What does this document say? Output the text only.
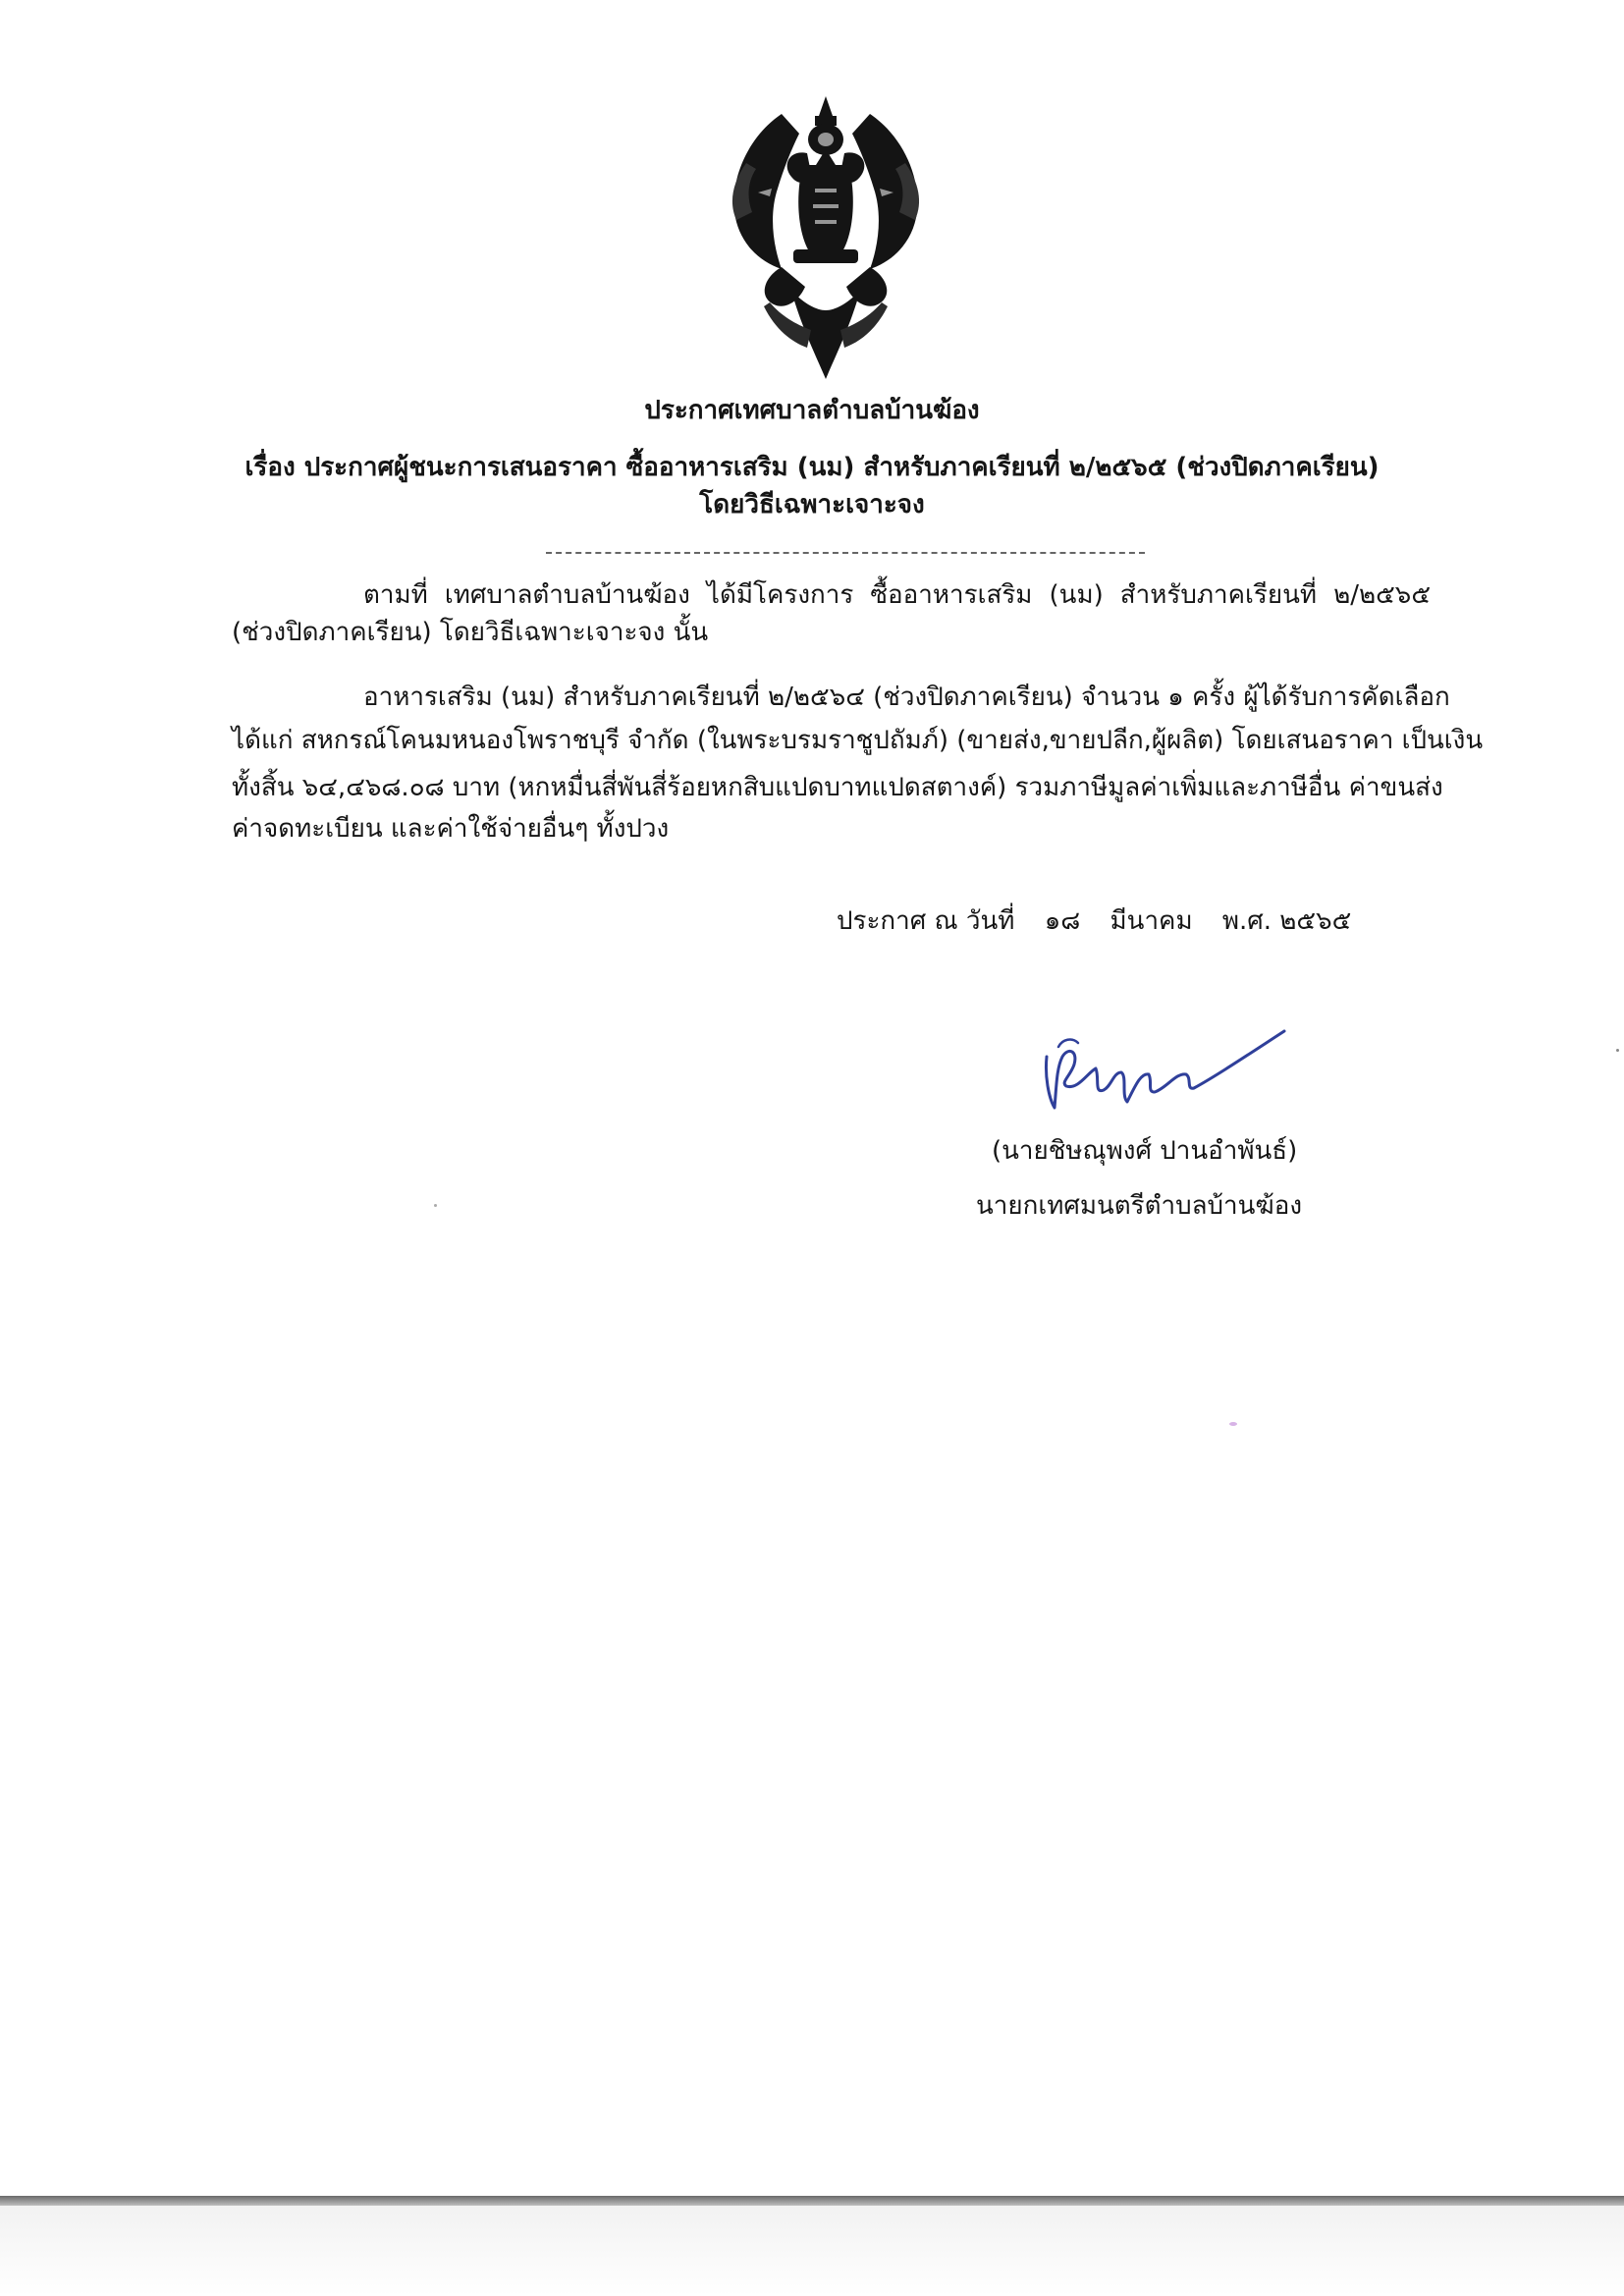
ประกาศเทศบาลตำบลบ้านฆ้อง
เรื่อง ประกาศผู้ชนะการเสนอราคา ซื้ออาหารเสริม (นม) สำหรับภาคเรียนที่ ๒/๒๕๖๕ (ช่วงปิดภาคเรียน)
โดยวิธีเฉพาะเจาะจง
ตามที่ เทศบาลตำบลบ้านฆ้อง ได้มีโครงการ ซื้ออาหารเสริม (นม) สำหรับภาคเรียนที่ ๒/๒๕๖๕
(ช่วงปิดภาคเรียน) โดยวิธีเฉพาะเจาะจง นั้น
อาหารเสริม (นม) สำหรับภาคเรียนที่ ๒/๒๕๖๔ (ช่วงปิดภาคเรียน) จำนวน ๑ ครั้ง ผู้ได้รับการคัดเลือก
ได้แก่ สหกรณ์โคนมหนองโพราชบุรี จำกัด (ในพระบรมราชูปถัมภ์) (ขายส่ง,ขายปลีก,ผู้ผลิต) โดยเสนอราคา เป็นเงิน
ทั้งสิ้น ๖๔,๔๖๘.๐๘ บาท (หกหมื่นสี่พันสี่ร้อยหกสิบแปดบาทแปดสตางค์) รวมภาษีมูลค่าเพิ่มและภาษีอื่น ค่าขนส่ง
ค่าจดทะเบียน และค่าใช้จ่ายอื่นๆ ทั้งปวง
ประกาศ ณ วันที่ ๑๘ มีนาคม พ.ศ. ๒๕๖๕
(นายชิษณุพงศ์ ปานอำพันธ์)
นายกเทศมนตรีตำบลบ้านฆ้อง
